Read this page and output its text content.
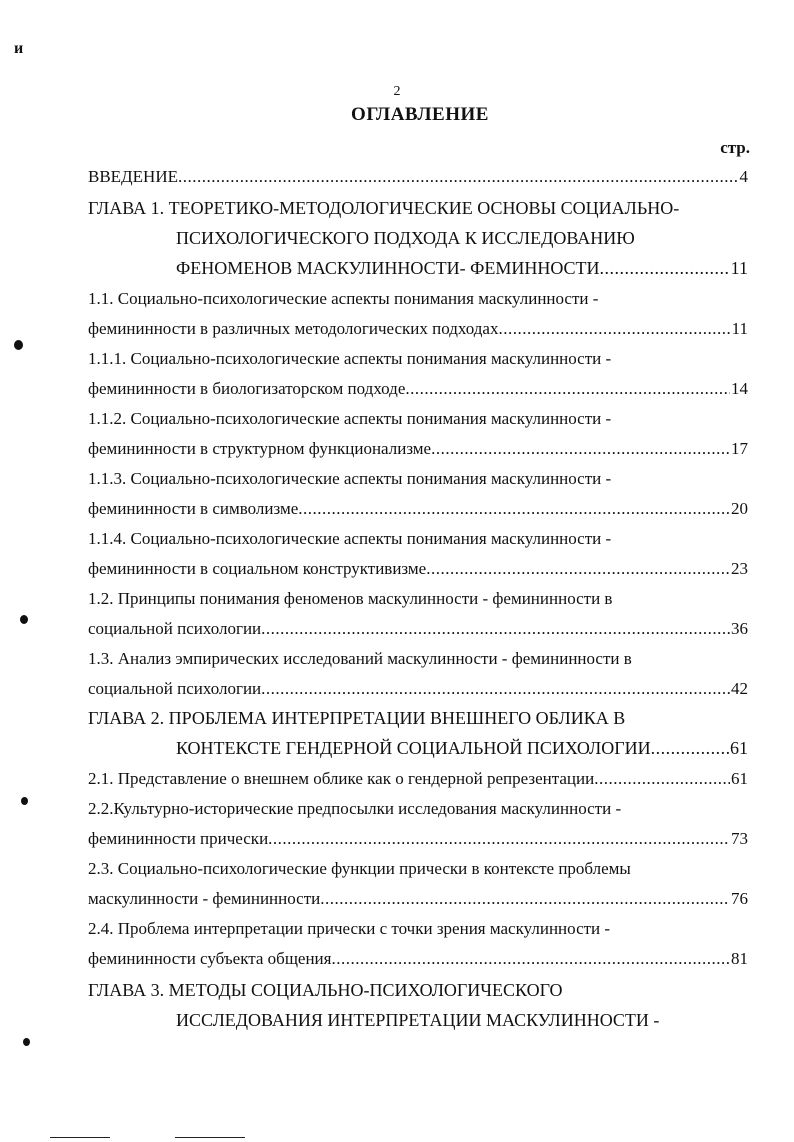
и
2
ОГЛАВЛЕНИЕ
стр.
ВВЕДЕНИЕ .....	4
ГЛАВА 1. ТЕОРЕТИКО-МЕТОДОЛОГИЧЕСКИЕ ОСНОВЫ СОЦИАЛЬНО-
ПСИХОЛОГИЧЕСКОГО ПОДХОДА К ИССЛЕДОВАНИЮ
ФЕНОМЕНОВ МАСКУЛИННОСТИ- ФЕМИННОСТИ .....	11
1.1. Социально-психологические аспекты понимания маскулинности -
фемининности в различных методологических подходах .....	11
1.1.1. Социально-психологические аспекты понимания маскулинности -
фемининности в биологизаторском подходе .....	14
1.1.2. Социально-психологические аспекты понимания маскулинности -
фемининности в структурном функционализме .....	17
1.1.3. Социально-психологические аспекты понимания маскулинности -
фемининности в символизме .....	20
1.1.4. Социально-психологические аспекты понимания маскулинности -
фемининности в социальном конструктивизме .....	23
1.2. Принципы понимания феноменов маскулинности - фемининности в
социальной психологии .....	36
1.3. Анализ эмпирических исследований маскулинности - фемининности в
социальной психологии .....	42
ГЛАВА 2. ПРОБЛЕМА ИНТЕРПРЕТАЦИИ ВНЕШНЕГО ОБЛИКА В
КОНТЕКСТЕ ГЕНДЕРНОЙ СОЦИАЛЬНОЙ ПСИХОЛОГИИ .....	61
2.1. Представление о внешнем облике как о гендерной репрезентации .....	61
2.2.Культурно-исторические предпосылки исследования маскулинности -
фемининности прически .....	73
2.3. Социально-психологические функции прически в контексте проблемы
маскулинности - фемининности .....	76
2.4. Проблема интерпретации прически с точки зрения маскулинности -
фемининности субъекта общения .....	81
ГЛАВА 3. МЕТОДЫ СОЦИАЛЬНО-ПСИХОЛОГИЧЕСКОГО
ИССЛЕДОВАНИЯ ИНТЕРПРЕТАЦИИ МАСКУЛИННОСТИ -
